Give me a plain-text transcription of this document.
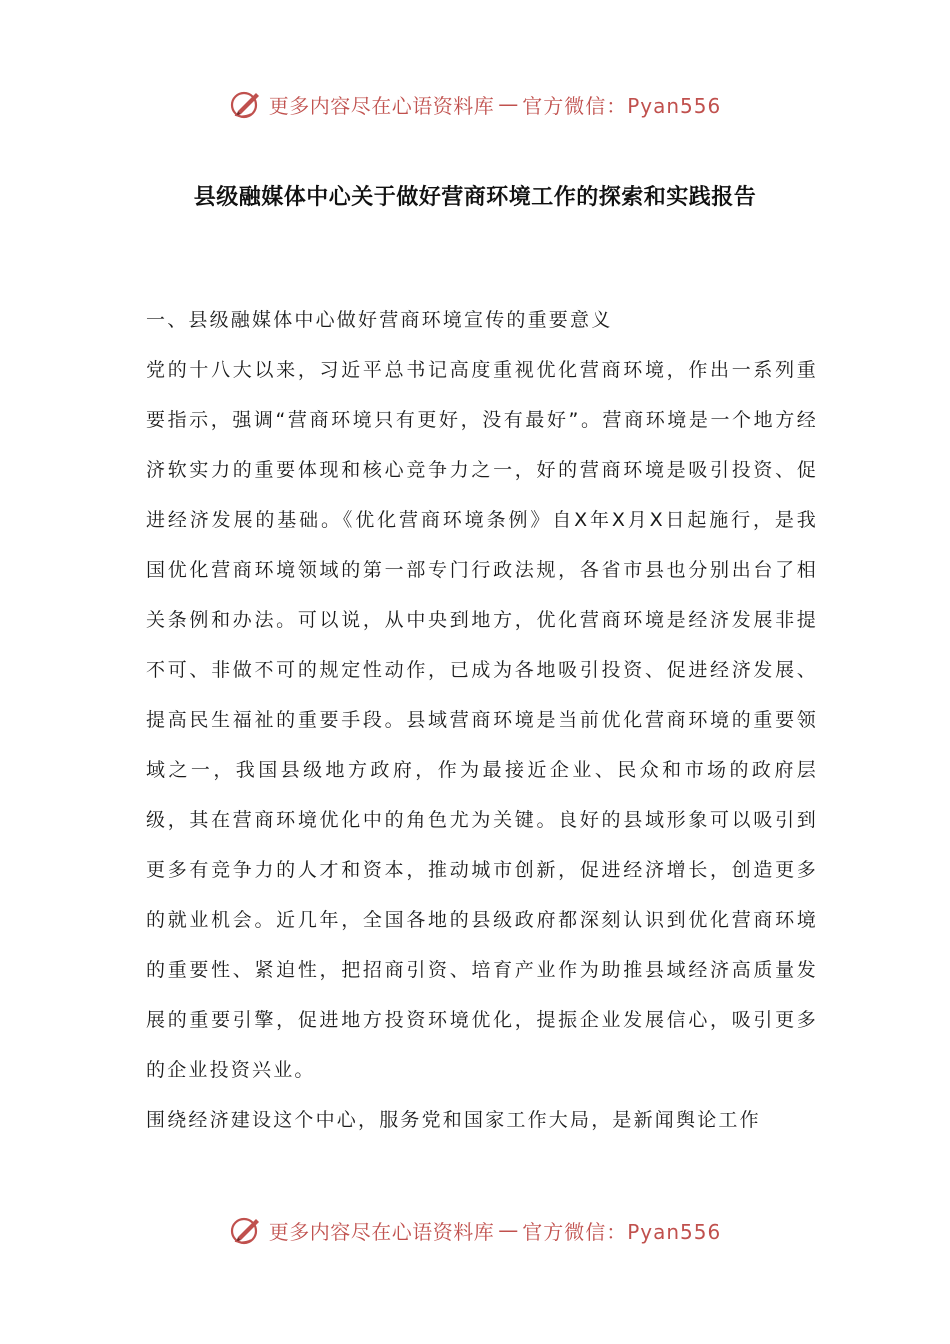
更多内容尽在心语资料库 — 官方微信：Pyan556
县级融媒体中心关于做好营商环境工作的探索和实践报告

一、县级融媒体中心做好营商环境宣传的重要意义

党的十八大以来，习近平总书记高度重视优化营商环境，作出一系列重要指示，强调“营商环境只有更好，没有最好”。营商环境是一个地方经济软实力的重要体现和核心竞争力之一，好的营商环境是吸引投资、促进经济发展的基础。《优化营商环境条例》自X年X月X日起施行，是我国优化营商环境领域的第一部专门行政法规，各省市县也分别出台了相关条例和办法。可以说，从中央到地方，优化营商环境是经济发展非提不可、非做不可的规定性动作，已成为各地吸引投资、促进经济发展、提高民生福祉的重要手段。县域营商环境是当前优化营商环境的重要领域之一，我国县级地方政府，作为最接近企业、民众和市场的政府层级，其在营商环境优化中的角色尤为关键。良好的县域形象可以吸引到更多有竞争力的人才和资本，推动城市创新，促进经济增长，创造更多的就业机会。近几年，全国各地的县级政府都深刻认识到优化营商环境的重要性、紧迫性，把招商引资、培育产业作为助推县域经济高质量发展的重要引擎，促进地方投资环境优化，提振企业发展信心，吸引更多的企业投资兴业。

围绕经济建设这个中心，服务党和国家工作大局，是新闻舆论工作

更多内容尽在心语资料库 — 官方微信：Pyan556
